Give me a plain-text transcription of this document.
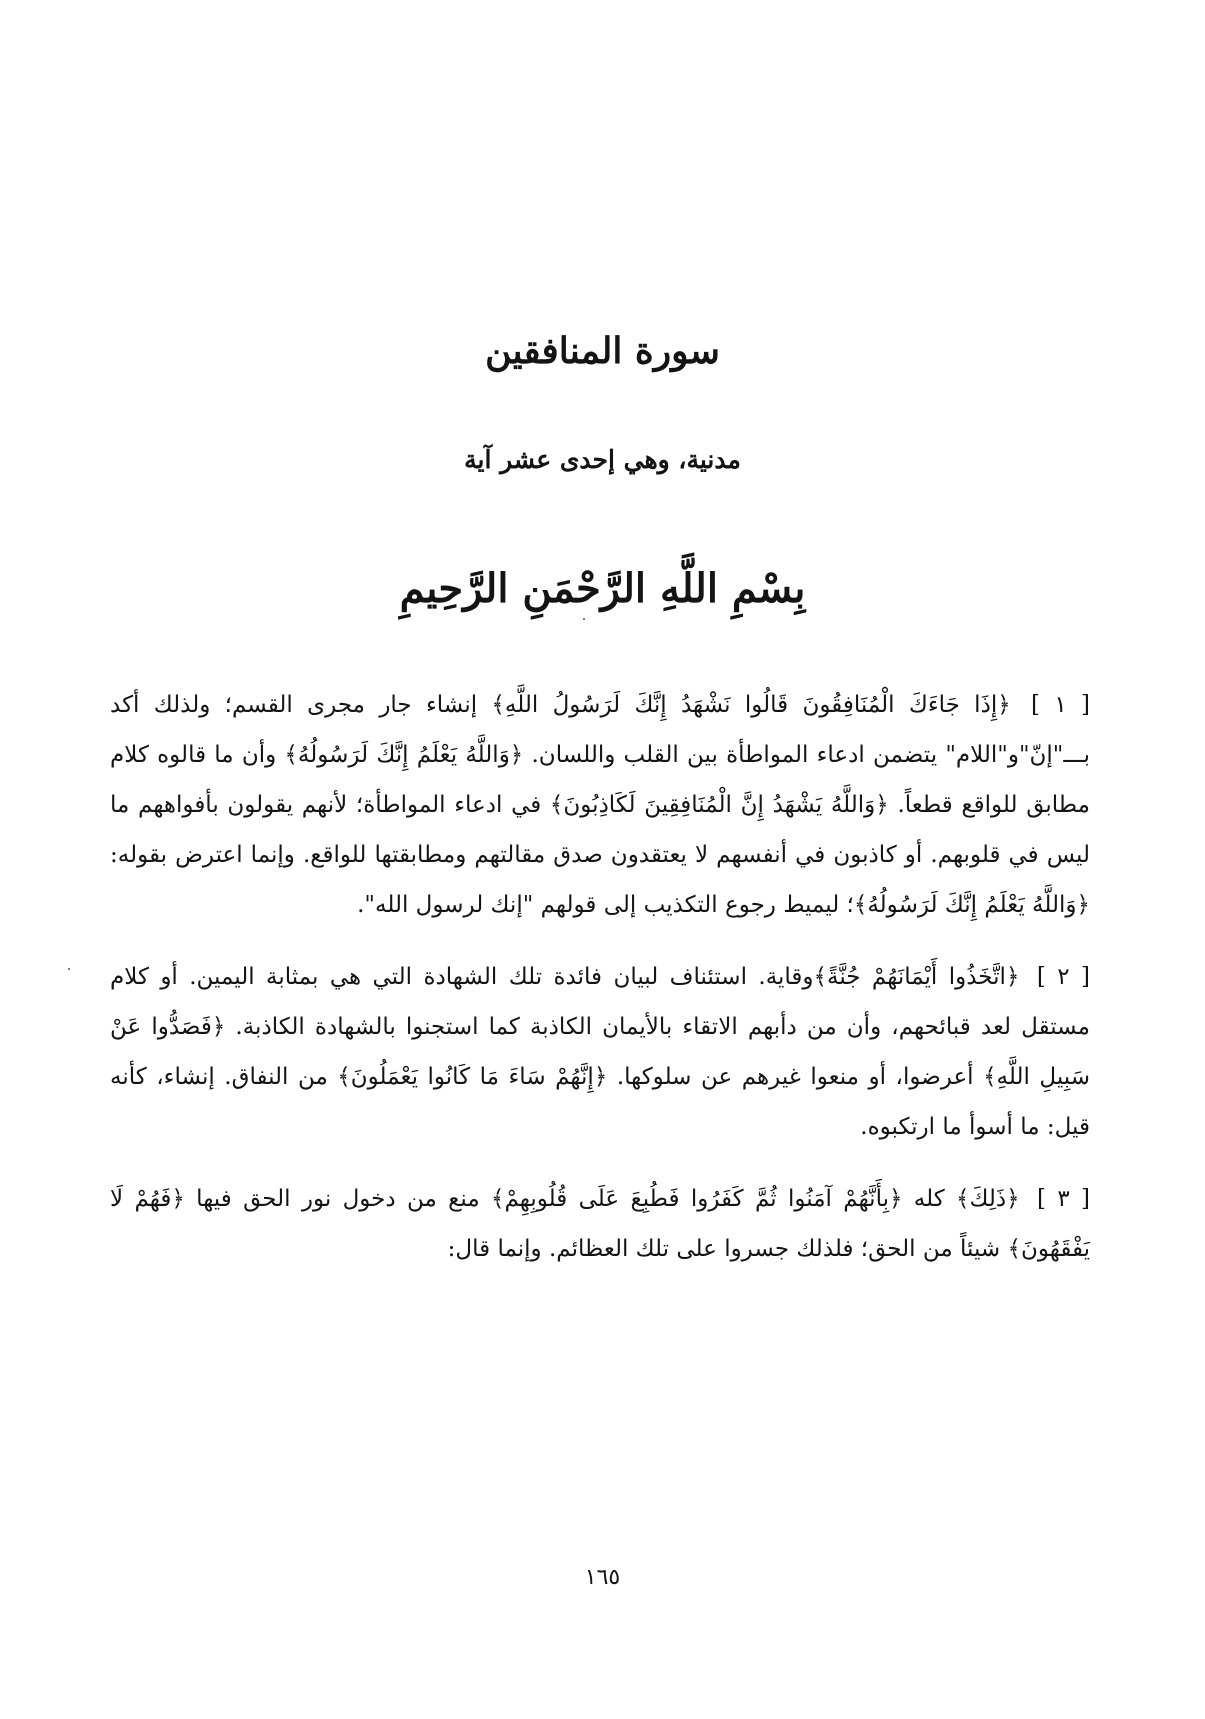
سورة المنافقين
مدنية، وهي إحدى عشر آية
بِسْمِ اللَّهِ الرَّحْمَنِ الرَّحِيمِ

[ ١ ] ﴿إِذَا جَاءَكَ الْمُنَافِقُونَ قَالُوا نَشْهَدُ إِنَّكَ لَرَسُولُ اللَّهِ﴾ إنشاء جار مجرى القسم؛ ولذلك أكد بـــ"إنّ"و"اللام" يتضمن ادعاء المواطأة بين القلب واللسان. ﴿وَاللَّهُ يَعْلَمُ إِنَّكَ لَرَسُولُهُ﴾ وأن ما قالوه كلام مطابق للواقع قطعاً. ﴿وَاللَّهُ يَشْهَدُ إِنَّ الْمُنَافِقِينَ لَكَاذِبُونَ﴾ في ادعاء المواطأة؛ لأنهم يقولون بأفواههم ما ليس في قلوبهم. أو كاذبون في أنفسهم لا يعتقدون صدق مقالتهم ومطابقتها للواقع. وإنما اعترض بقوله: ﴿وَاللَّهُ يَعْلَمُ إِنَّكَ لَرَسُولُهُ﴾؛ ليميط رجوع التكذيب إلى قولهم "إنك لرسول الله".

[ ٢ ] ﴿اتَّخَذُوا أَيْمَانَهُمْ جُنَّةً﴾وقاية. استئناف لبيان فائدة تلك الشهادة التي هي بمثابة اليمين. أو كلام مستقل لعد قبائحهم، وأن من دأبهم الاتقاء بالأيمان الكاذبة كما استجنوا بالشهادة الكاذبة. ﴿فَصَدُّوا عَنْ سَبِيلِ اللَّهِ﴾ أعرضوا، أو منعوا غيرهم عن سلوكها. ﴿إِنَّهُمْ سَاءَ مَا كَانُوا يَعْمَلُونَ﴾ من النفاق. إنشاء، كأنه قيل: ما أسوأ ما ارتكبوه.

[ ٣ ] ﴿ذَلِكَ﴾ كله ﴿بِأَنَّهُمْ آمَنُوا ثُمَّ كَفَرُوا فَطُبِعَ عَلَى قُلُوبِهِمْ﴾ منع من دخول نور الحق فيها ﴿فَهُمْ لَا يَفْقَهُونَ﴾ شيئاً من الحق؛ فلذلك جسروا على تلك العظائم. وإنما قال:

١٦٥
